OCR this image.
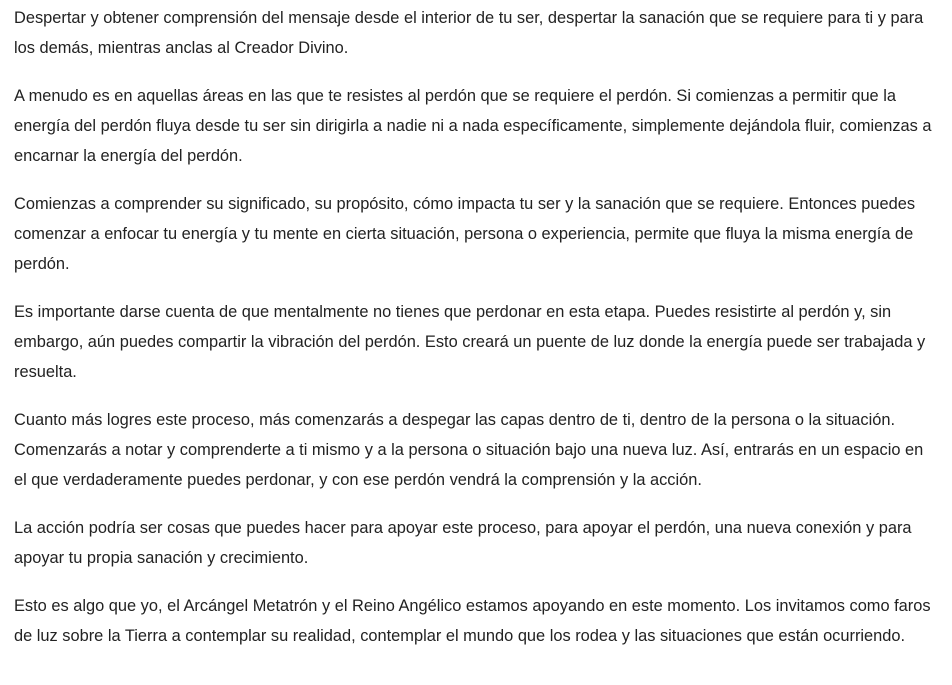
Despertar y obtener comprensión del mensaje desde el interior de tu ser, despertar la sanación que se requiere para ti y para los demás, mientras anclas al Creador Divino.

A menudo es en aquellas áreas en las que te resistes al perdón que se requiere el perdón. Si comienzas a permitir que la energía del perdón fluya desde tu ser sin dirigirla a nadie ni a nada específicamente, simplemente dejándola fluir, comienzas a encarnar la energía del perdón.

Comienzas a comprender su significado, su propósito, cómo impacta tu ser y la sanación que se requiere. Entonces puedes comenzar a enfocar tu energía y tu mente en cierta situación, persona o experiencia, permite que fluya la misma energía de perdón.

Es importante darse cuenta de que mentalmente no tienes que perdonar en esta etapa. Puedes resistirte al perdón y, sin embargo, aún puedes compartir la vibración del perdón. Esto creará un puente de luz donde la energía puede ser trabajada y resuelta.

Cuanto más logres este proceso, más comenzarás a despegar las capas dentro de ti, dentro de la persona o la situación. Comenzarás a notar y comprenderte a ti mismo y a la persona o situación bajo una nueva luz. Así, entrarás en un espacio en el que verdaderamente puedes perdonar, y con ese perdón vendrá la comprensión y la acción.

La acción podría ser cosas que puedes hacer para apoyar este proceso, para apoyar el perdón, una nueva conexión y para apoyar tu propia sanación y crecimiento.

Esto es algo que yo, el Arcángel Metatrón y el Reino Angélico estamos apoyando en este momento. Los invitamos como faros de luz sobre la Tierra a contemplar su realidad, contemplar el mundo que los rodea y las situaciones que están ocurriendo.
